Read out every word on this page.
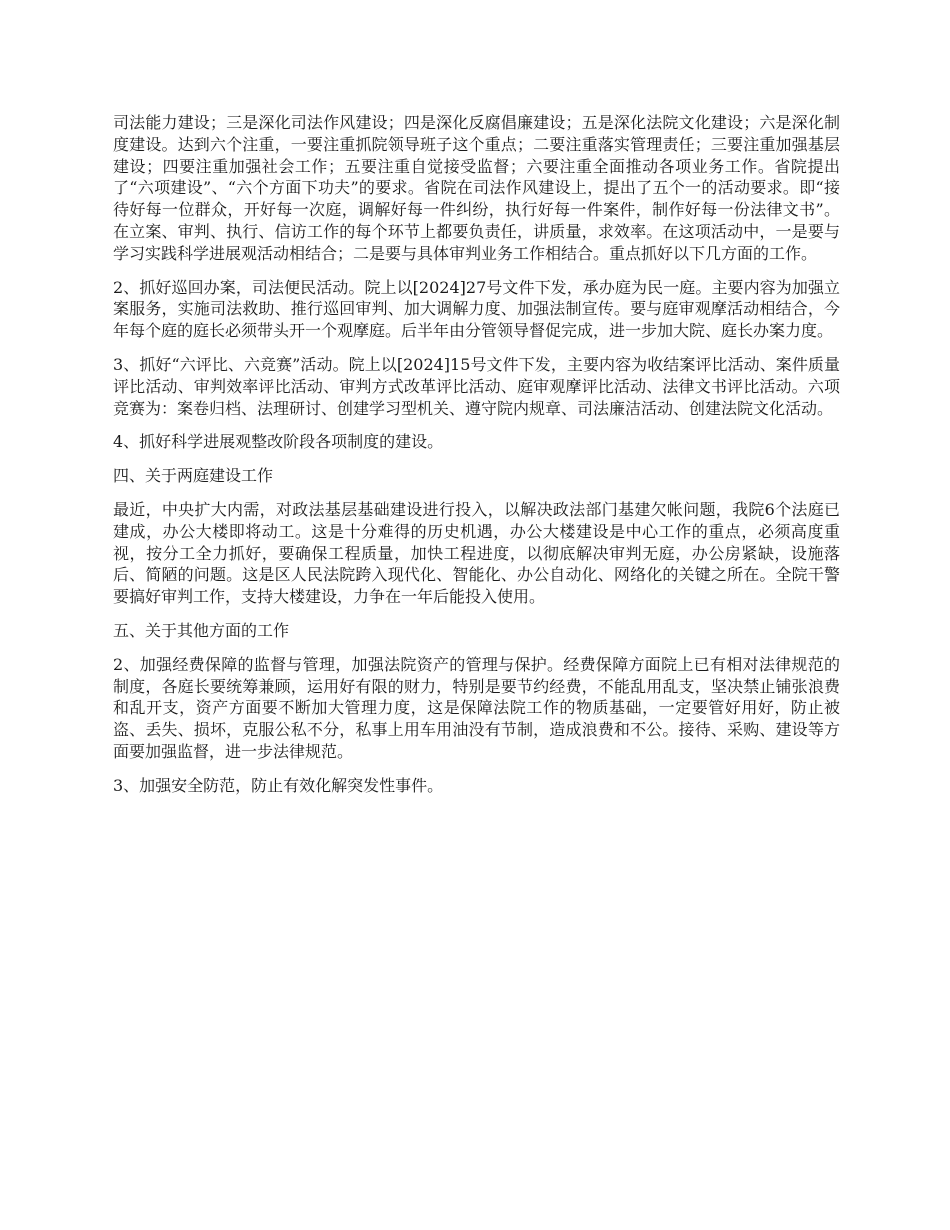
司法能力建设；三是深化司法作风建设；四是深化反腐倡廉建设；五是深化法院文化建设；六是深化制度建设。达到六个注重，一要注重抓院领导班子这个重点；二要注重落实管理责任；三要注重加强基层建设；四要注重加强社会工作；五要注重自觉接受监督；六要注重全面推动各项业务工作。省院提出了“六项建设”、“六个方面下功夫”的要求。省院在司法作风建设上，提出了五个一的活动要求。即“接待好每一位群众，开好每一次庭，调解好每一件纠纷，执行好每一件案件，制作好每一份法律文书”。在立案、审判、执行、信访工作的每个环节上都要负责任，讲质量，求效率。在这项活动中，一是要与学习实践科学进展观活动相结合；二是要与具体审判业务工作相结合。重点抓好以下几方面的工作。

2、抓好巡回办案，司法便民活动。院上以[2024]27号文件下发，承办庭为民一庭。主要内容为加强立案服务，实施司法救助、推行巡回审判、加大调解力度、加强法制宣传。要与庭审观摩活动相结合，今年每个庭的庭长必须带头开一个观摩庭。后半年由分管领导督促完成，进一步加大院、庭长办案力度。

3、抓好“六评比、六竞赛”活动。院上以[2024]15号文件下发，主要内容为收结案评比活动、案件质量评比活动、审判效率评比活动、审判方式改革评比活动、庭审观摩评比活动、法律文书评比活动。六项竞赛为：案卷归档、法理研讨、创建学习型机关、遵守院内规章、司法廉洁活动、创建法院文化活动。

4、抓好科学进展观整改阶段各项制度的建设。

四、关于两庭建设工作

最近，中央扩大内需，对政法基层基础建设进行投入，以解决政法部门基建欠帐问题，我院6个法庭已建成，办公大楼即将动工。这是十分难得的历史机遇，办公大楼建设是中心工作的重点，必须高度重视，按分工全力抓好，要确保工程质量，加快工程进度，以彻底解决审判无庭，办公房紧缺，设施落后、简陋的问题。这是区人民法院跨入现代化、智能化、办公自动化、网络化的关键之所在。全院干警要搞好审判工作，支持大楼建设，力争在一年后能投入使用。

五、关于其他方面的工作

2、加强经费保障的监督与管理，加强法院资产的管理与保护。经费保障方面院上已有相对法律规范的制度，各庭长要统筹兼顾，运用好有限的财力，特别是要节约经费，不能乱用乱支，坚决禁止铺张浪费和乱开支，资产方面要不断加大管理力度，这是保障法院工作的物质基础，一定要管好用好，防止被盗、丢失、损坏，克服公私不分，私事上用车用油没有节制，造成浪费和不公。接待、采购、建设等方面要加强监督，进一步法律规范。

3、加强安全防范，防止有效化解突发性事件。
